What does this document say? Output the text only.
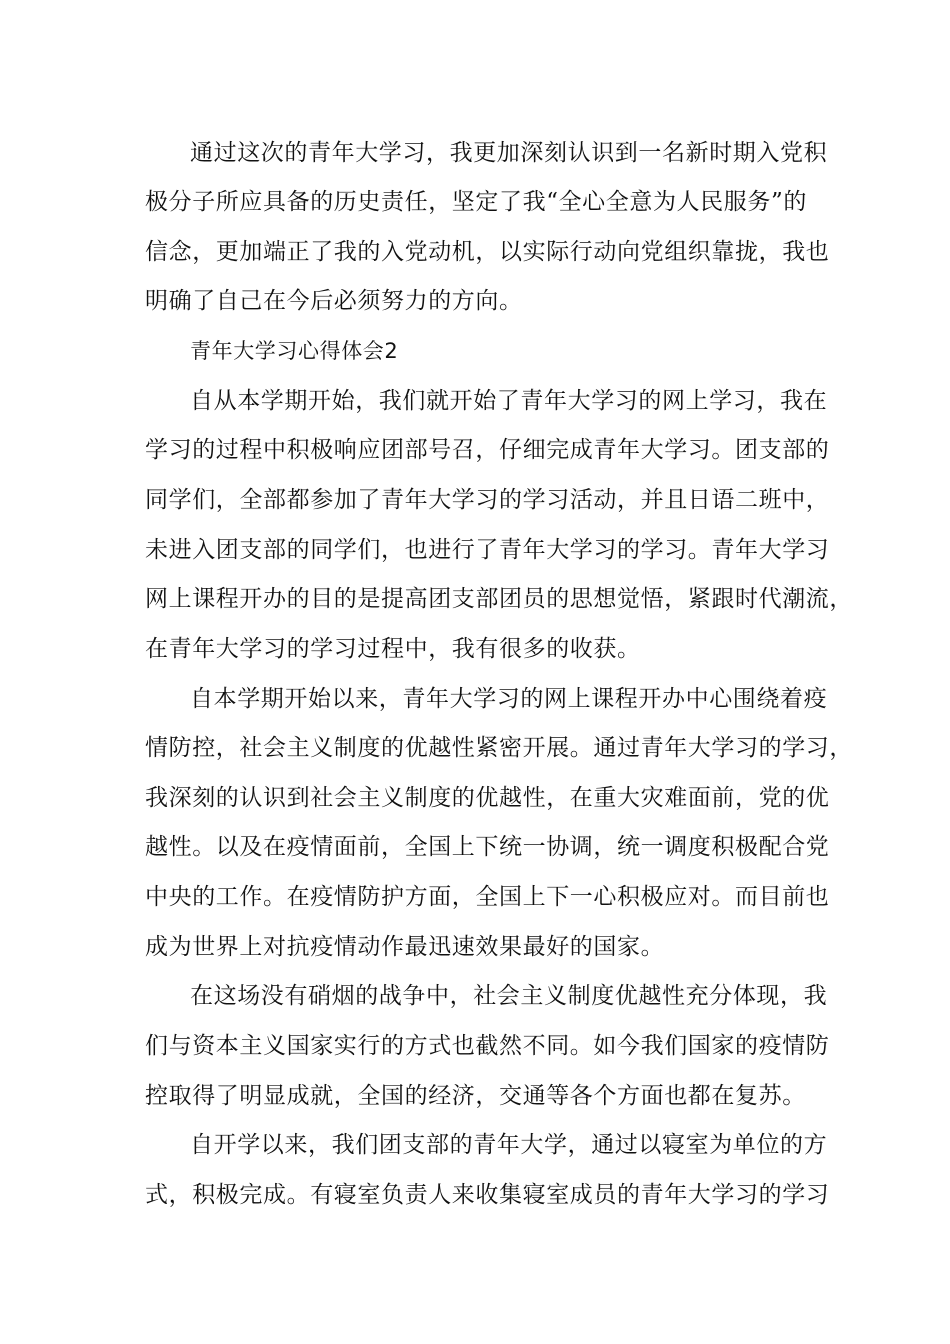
通过这次的青年大学习，我更加深刻认识到一名新时期入党积
极分子所应具备的历史责任，坚定了我“全心全意为人民服务”的
信念，更加端正了我的入党动机，以实际行动向党组织靠拢，我也
明确了自己在今后必须努力的方向。
青年大学习心得体会2
自从本学期开始，我们就开始了青年大学习的网上学习，我在
学习的过程中积极响应团部号召，仔细完成青年大学习。团支部的
同学们，全部都参加了青年大学习的学习活动，并且日语二班中，
未进入团支部的同学们，也进行了青年大学习的学习。青年大学习
网上课程开办的目的是提高团支部团员的思想觉悟，紧跟时代潮流，
在青年大学习的学习过程中，我有很多的收获。
自本学期开始以来，青年大学习的网上课程开办中心围绕着疫
情防控，社会主义制度的优越性紧密开展。通过青年大学习的学习，
我深刻的认识到社会主义制度的优越性，在重大灾难面前，党的优
越性。以及在疫情面前，全国上下统一协调，统一调度积极配合党
中央的工作。在疫情防护方面，全国上下一心积极应对。而目前也
成为世界上对抗疫情动作最迅速效果最好的国家。
在这场没有硝烟的战争中，社会主义制度优越性充分体现，我
们与资本主义国家实行的方式也截然不同。如今我们国家的疫情防
控取得了明显成就，全国的经济，交通等各个方面也都在复苏。
自开学以来，我们团支部的青年大学，通过以寝室为单位的方
式，积极完成。有寝室负责人来收集寝室成员的青年大学习的学习
